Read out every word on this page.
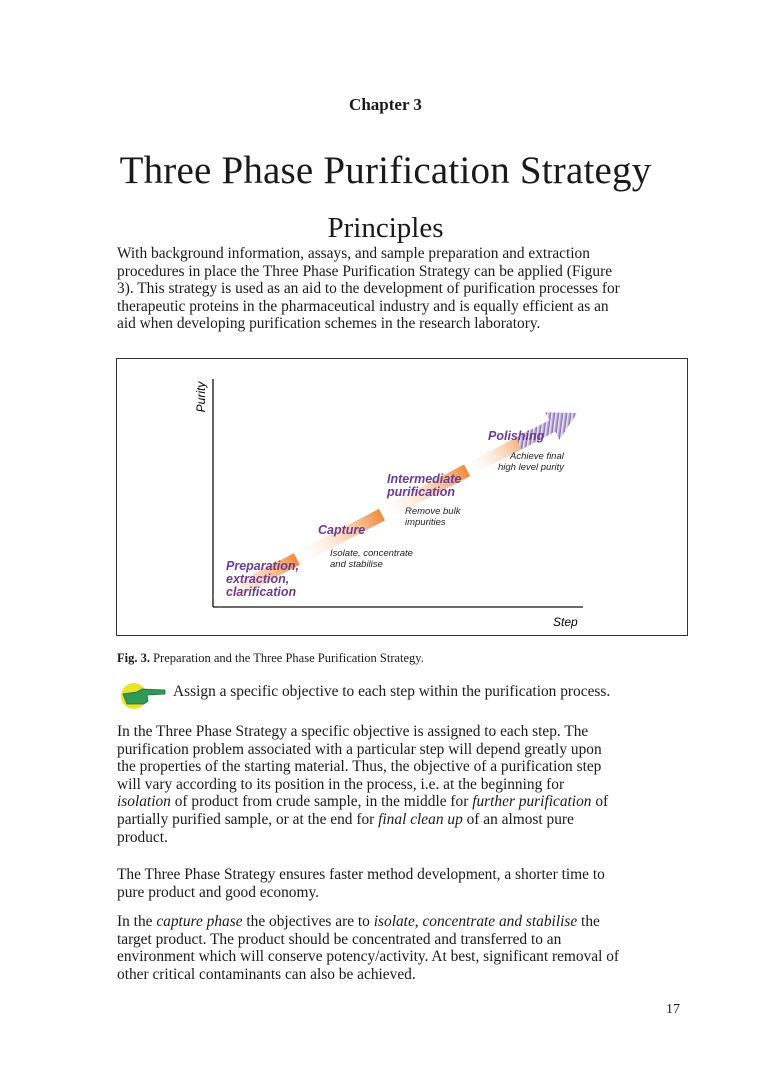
Chapter 3
Three Phase Purification Strategy
Principles

With background information, assays, and sample preparation and extraction
procedures in place the Three Phase Purification Strategy can be applied (Figure
3). This strategy is used as an aid to the development of purification processes for
therapeutic proteins in the pharmaceutical industry and is equally efficient as an
aid when developing purification schemes in the research laboratory.

Purity
Step
Preparation,
extraction,
clarification
Capture
Intermediate
purification
Polishing
Isolate, concentrate
and stabilise
Remove bulk
impurities
Achieve final
high level purity
Fig. 3. Preparation and the Three Phase Purification Strategy.
Assign a specific objective to each step within the purification process.

In the Three Phase Strategy a specific objective is assigned to each step. The
purification problem associated with a particular step will depend greatly upon
the properties of the starting material. Thus, the objective of a purification step
will vary according to its position in the process, i.e. at the beginning for
isolation of product from crude sample, in the middle for further purification of
partially purified sample, or at the end for final clean up of an almost pure
product.

The Three Phase Strategy ensures faster method development, a shorter time to
pure product and good economy.

In the capture phase the objectives are to isolate, concentrate and stabilise the
target product. The product should be concentrated and transferred to an
environment which will conserve potency/activity. At best, significant removal of
other critical contaminants can also be achieved.

17
